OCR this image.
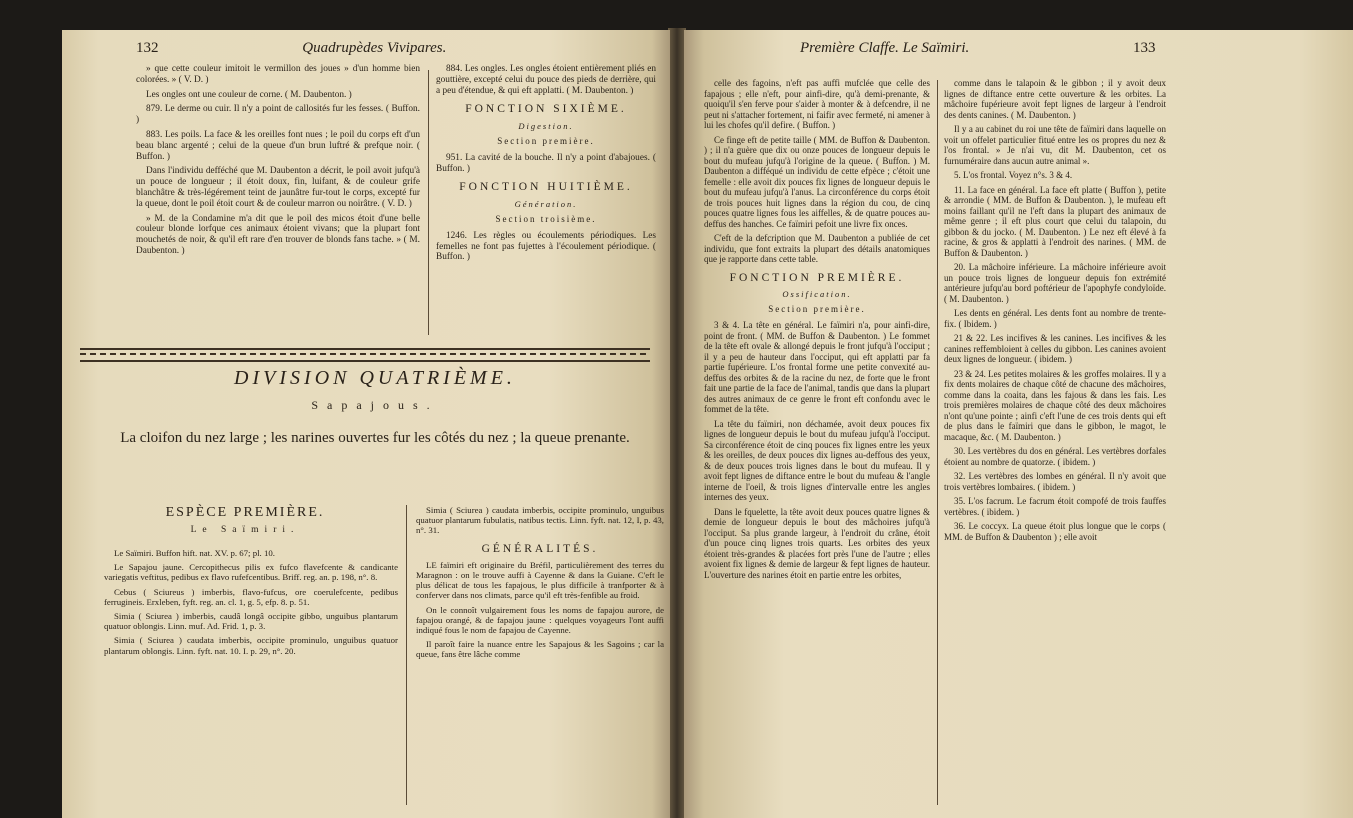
132	Quadrupèdes Vivipares.	Première Claffe. Le Saïmiri.	133

» que cette couleur imitoit le vermillon des joues » d'un homme bien colorées. » ( V. D. )

Les ongles ont une couleur de corne. ( M. Daubenton. )

879. Le derme ou cuir. Il n'y a point de callosités fur les fesses. ( Buffon. )

883. Les poils. La face & les oreilles font nues ; le poil du corps eft d'un beau blanc argenté ; celui de la queue d'un brun luftré & prefque noir. ( Buffon. )

Dans l'individu defféché que M. Daubenton a décrit, le poil avoit jufqu'à un pouce de longueur ; il étoit doux, fin, luifant, & de couleur grife blanchâtre & très-légérement teint de jaunâtre fur-tout le corps, excepté fur la queue, dont le poil étoit court & de couleur marron ou noirâtre. ( V. D. )

» M. de la Condamine m'a dit que le poil des micos étoit d'une belle couleur blonde lorfque ces animaux étoient vivans; que la plupart font mouchetés de noir, & qu'il eft rare d'en trouver de blonds fans tache. » ( M. Daubenton. )

884. Les ongles. Les ongles étoient entièrement pliés en gouttière, excepté celui du pouce des pieds de derrière, qui a peu d'étendue, & qui eft applatti. ( M. Daubenton. )

FONCTION SIXIÈME.
Digestion.
Section première.

951. La cavité de la bouche. Il n'y a point d'abajoues. ( Buffon. )

FONCTION HUITIÈME.
Génération.
Section troisième.

1246. Les règles ou écoulements périodiques. Les femelles ne font pas fujettes à l'écoulement périodique. ( Buffon. )

DIVISION QUATRIÈME.
Sapajous.
La cloifon du nez large ; les narines ouvertes fur les côtés du nez ; la queue prenante.
ESPÈCE PREMIÈRE.
Le Saïmiri.

Le Saïmiri. Buffon hift. nat. XV. p. 67; pl. 10.

Le Sapajou jaune. Cercopithecus pilis ex fufco flavefcente & candicante variegatis veftitus, pedibus ex flavo rufefcentibus. Briff. reg. an. p. 198, n°. 8.

Cebus ( Sciureus ) imberbis, flavo-fufcus, ore coerulefcente, pedibus ferrugineis. Erxleben, fyft. reg. an. cl. 1, g. 5, efp. 8. p. 51.

Simia ( Sciurea ) imberbis, caudâ longâ occipite gibbo, unguibus plantarum quatuor oblongis. Linn. muf. Ad. Frid. 1, p. 3.

Simia ( Sciurea ) caudata imberbis, occipite prominulo, unguibus quatuor plantarum oblongis. Linn. fyft. nat. 10. I. p. 29, n°. 20.

Simia ( Sciurea ) caudata imberbis, occipite prominulo, unguibus quatuor plantarum fubulatis, natibus tectis. Linn. fyft. nat. 12, I, p. 43, n°. 31.

GÉNÉRALITÉS.

LE faïmiri eft originaire du Bréfil, particulièrement des terres du Maragnon : on le trouve auffi à Cayenne & dans la Guiane. C'eft le plus délicat de tous les fapajous, le plus difficile à tranfporter & à conferver dans nos climats, parce qu'il eft très-fenfible au froid.

On le connoît vulgairement fous les noms de fapajou aurore, de fapajou orangé, & de fapajou jaune : quelques voyageurs l'ont auffi indiqué fous le nom de fapajou de Cayenne.

Il paroît faire la nuance entre les Sapajous & les Sagoins ; car la queue, fans être lâche comme

celle des fagoins, n'eft pas auffi mufclée que celle des fapajous ; elle n'eft, pour ainfi-dire, qu'à demi-prenante, & quoiqu'il s'en ferve pour s'aider à monter & à defcendre, il ne peut ni s'attacher fortement, ni faifir avec fermeté, ni amener à lui les chofes qu'il defire. ( Buffon. )

Ce finge eft de petite taille ( MM. de Buffon & Daubenton. ) ; il n'a guère que dix ou onze pouces de longueur depuis le bout du mufeau jufqu'à l'origine de la queue. ( Buffon. ) M. Daubenton a difféqué un individu de cette efpèce ; c'étoit une femelle : elle avoit dix pouces fix lignes de longueur depuis le bout du mufeau jufqu'à l'anus. La circonférence du corps étoit de trois pouces huit lignes dans la région du cou, de cinq pouces quatre lignes fous les aiffelles, & de quatre pouces au-deffus des hanches. Ce faïmiri pefoit une livre fix onces.

C'eft de la defcription que M. Daubenton a publiée de cet individu, que font extraits la plupart des détails anatomiques que je rapporte dans cette table.

FONCTION PREMIÈRE.
Ossification.
Section première.

3 & 4. La tête en général. Le faïmiri n'a, pour ainfi-dire, point de front. ( MM. de Buffon & Daubenton. ) Le fommet de la tête eft ovale & allongé depuis le front jufqu'à l'occiput ; il y a peu de hauteur dans l'occiput, qui eft applatti par fa partie fupérieure. L'os frontal forme une petite convexité au-deffus des orbites & de la racine du nez, de forte que le front fait une partie de la face de l'animal, tandis que dans la plupart des autres animaux de ce genre le front eft confondu avec le fommet de la tête.

La tête du faïmiri, non déchamée, avoit deux pouces fix lignes de longueur depuis le bout du mufeau jufqu'à l'occiput. Sa circonférence étoit de cinq pouces fix lignes entre les yeux & les oreilles, de deux pouces dix lignes au-deffous des yeux, & de deux pouces trois lignes dans le bout du mufeau. Il y avoit fept lignes de diftance entre le bout du mufeau & l'angle interne de l'oeil, & trois lignes d'intervalle entre les angles internes des yeux.

Dans le fquelette, la tête avoit deux pouces quatre lignes & demie de longueur depuis le bout des mâchoires jufqu'à l'occiput. Sa plus grande largeur, à l'endroit du crâne, étoit d'un pouce cinq lignes trois quarts. Les orbites des yeux étoient très-grandes & placées fort près l'une de l'autre ; elles avoient fix lignes & demie de largeur & fept lignes de hauteur. L'ouverture des narines étoit en partie entre les orbites,

comme dans le talapoin & le gibbon ; il y avoit deux lignes de diftance entre cette ouverture & les orbites. La mâchoire fupérieure avoit fept lignes de largeur à l'endroit des dents canines. ( M. Daubenton. )

Il y a au cabinet du roi une tête de faïmiri dans laquelle on voit un offelet particulier fitué entre les os propres du nez & l'os frontal. » Je n'ai vu, dit M. Daubenton, cet os furnuméraire dans aucun autre animal ».

5. L'os frontal. Voyez n°s. 3 & 4.

11. La face en général. La face eft platte ( Buffon ), petite & arrondie ( MM. de Buffon & Daubenton. ), le mufeau eft moins faillant qu'il ne l'eft dans la plupart des animaux de même genre ; il eft plus court que celui du talapoin, du gibbon & du jocko. ( M. Daubenton. ) Le nez eft élevé à fa racine, & gros & applatti à l'endroit des narines. ( MM. de Buffon & Daubenton. )

20. La mâchoire inférieure. La mâchoire inférieure avoit un pouce trois lignes de longueur depuis fon extrémité antérieure jufqu'au bord poftérieur de l'apophyfe condyloïde. ( M. Daubenton. )

Les dents en général. Les dents font au nombre de trente-fix. ( Ibidem. )

21 & 22. Les incifives & les canines. Les incifives & les canines reffembloient à celles du gibbon. Les canines avoient deux lignes de longueur. ( ibidem. )

23 & 24. Les petites molaires & les groffes molaires. Il y a fix dents molaires de chaque côté de chacune des mâchoires, comme dans la coaita, dans les fajous & dans les fais. Les trois premières molaires de chaque côté des deux mâchoires n'ont qu'une pointe ; ainfi c'eft l'une de ces trois dents qui eft de plus dans le faïmiri que dans le gibbon, le magot, le macaque, &c. ( M. Daubenton. )

30. Les vertèbres du dos en général. Les vertèbres dorfales étoient au nombre de quatorze. ( ibidem. )

32. Les vertèbres des lombes en général. Il n'y avoit que trois vertèbres lombaires. ( ibidem. )

35. L'os facrum. Le facrum étoit compofé de trois fauffes vertèbres. ( ibidem. )

36. Le coccyx. La queue étoit plus longue que le corps ( MM. de Buffon & Daubenton ) ; elle avoit
